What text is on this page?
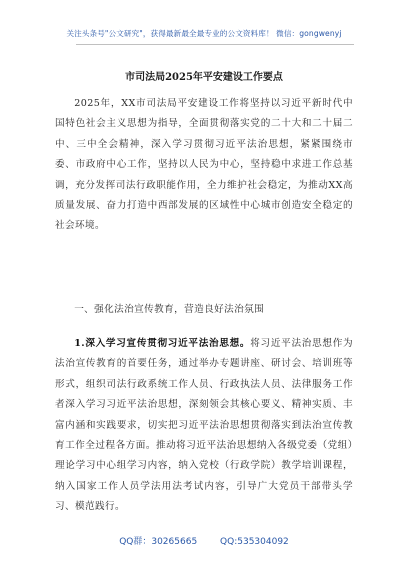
关注头条号"公文研究"，获得最新最全最专业的公文资料库！ 微信：gongwenyj
市司法局2025年平安建设工作要点
2025年，XX市司法局平安建设工作将坚持以习近平新时代中国特色社会主义思想为指导，全面贯彻落实党的二十大和二十届二中、三中全会精神，深入学习贯彻习近平法治思想，紧紧围绕市委、市政府中心工作，坚持以人民为中心，坚持稳中求进工作总基调，充分发挥司法行政职能作用，全力维护社会稳定，为推动XX高质量发展、奋力打造中西部发展的区域性中心城市创造安全稳定的社会环境。
一、强化法治宣传教育，营造良好法治氛围
1.深入学习宣传贯彻习近平法治思想。将习近平法治思想作为法治宣传教育的首要任务，通过举办专题讲座、研讨会、培训班等形式，组织司法行政系统工作人员、行政执法人员、法律服务工作者深入学习习近平法治思想，深刻领会其核心要义、精神实质、丰富内涵和实践要求，切实把习近平法治思想贯彻落实到法治宣传教育工作全过程各方面。推动将习近平法治思想纳入各级党委（党组）理论学习中心组学习内容，纳入党校（行政学院）教学培训课程，纳入国家工作人员学法用法考试内容，引导广大党员干部带头学习、模范践行。
QQ群：30265665	QQ:535304092
